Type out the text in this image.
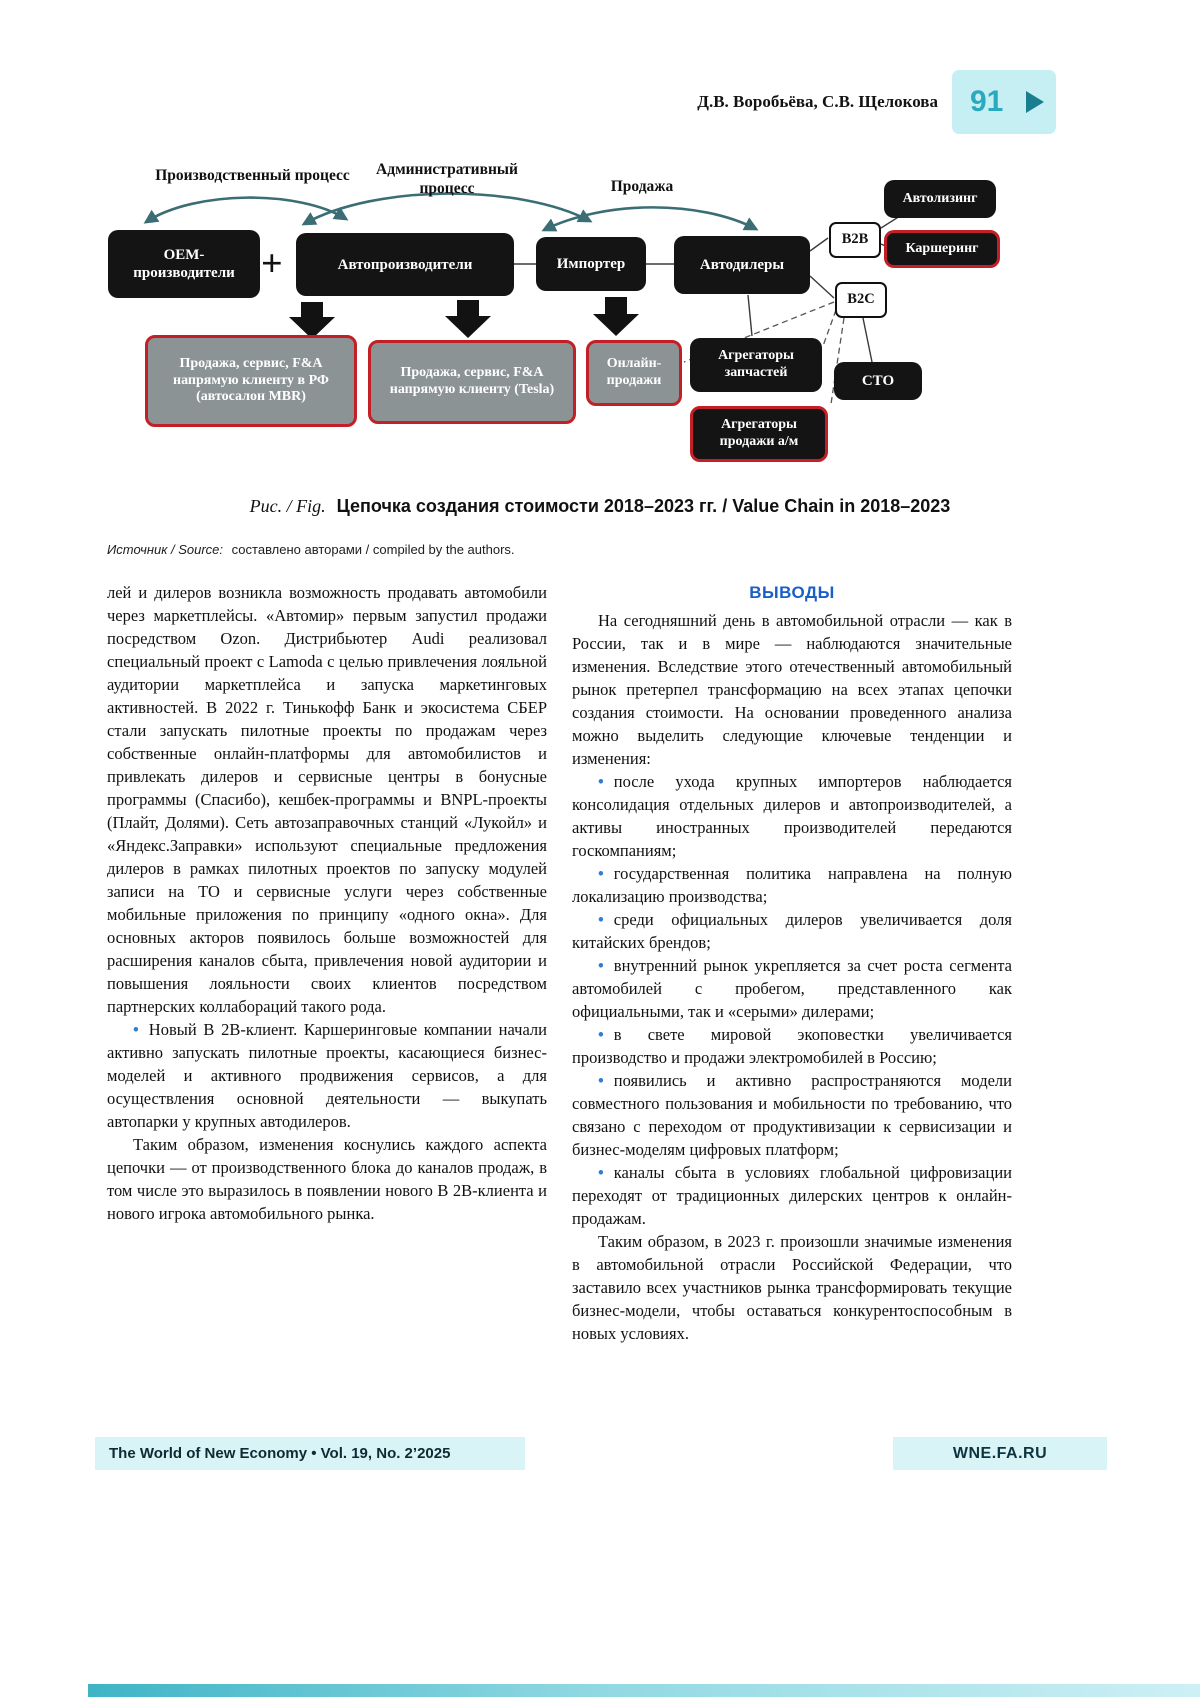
Д.В. Воробьёва, С.В. Щелокова 91
Производственный процесс	Административный процесс	Продажа
ОЕМ-производители +	Автопроизводители	Импортер	Автодилеры
B2B
Автолизинг
Каршеринг
B2C
Продажа, сервис, F&A напрямую клиенту в РФ (автосалон MBR)
Продажа, сервис, F&A напрямую клиенту (Tesla)
Онлайн-продажи
Агрегаторы запчастей
СТО
Агрегаторы продажи а/м
Рис. / Fig. Цепочка создания стоимости 2018–2023 гг. / Value Chain in 2018–2023
Источник / Source: составлено авторами / compiled by the authors.

лей и дилеров возникла возможность продавать автомобили через маркетплейсы. «Автомир» первым запустил продажи посредством Ozon. Дистрибьютер Audi реализовал специальный проект с Lamoda с целью привлечения лояльной аудитории маркетплейса и запуска маркетинговых активностей. В 2022 г. Тинькофф Банк и экосистема СБЕР стали запускать пилотные проекты по продажам через собственные онлайн-платформы для автомобилистов и привлекать дилеров и сервисные центры в бонусные программы (Спасибо), кешбек-программы и BNPL-проекты (Плайт, Долями). Сеть автозаправочных станций «Лукойл» и «Яндекс.Заправки» используют специальные предложения дилеров в рамках пилотных проектов по запуску модулей записи на ТО и сервисные услуги через собственные мобильные приложения по принципу «одного окна». Для основных акторов появилось больше возможностей для расширения каналов сбыта, привлечения новой аудитории и повышения лояльности своих клиентов посредством партнерских коллабораций такого рода.

• Новый B 2B-клиент. Каршеринговые компании начали активно запускать пилотные проекты, касающиеся бизнес-моделей и активного продвижения сервисов, а для осуществления основной деятельности — выкупать автопарки у крупных автодилеров.

Таким образом, изменения коснулись каждого аспекта цепочки — от производственного блока до каналов продаж, в том числе это выразилось в появлении нового B 2B-клиента и нового игрока автомобильного рынка.

ВЫВОДЫ

На сегодняшний день в автомобильной отрасли — как в России, так и в мире — наблюдаются значительные изменения. Вследствие этого отечественный автомобильный рынок претерпел трансформацию на всех этапах цепочки создания стоимости. На основании проведенного анализа можно выделить следующие ключевые тенденции и изменения:

• после ухода крупных импортеров наблюдается консолидация отдельных дилеров и автопроизводителей, а активы иностранных производителей передаются госкомпаниям;

• государственная политика направлена на полную локализацию производства;

• среди официальных дилеров увеличивается доля китайских брендов;

• внутренний рынок укрепляется за счет роста сегмента автомобилей с пробегом, представленного как официальными, так и «серыми» дилерами;

• в свете мировой экоповестки увеличивается производство и продажи электромобилей в Россию;

• появились и активно распространяются модели совместного пользования и мобильности по требованию, что связано с переходом от продуктивизации к сервисизации и бизнес-моделям цифровых платформ;

• каналы сбыта в условиях глобальной цифровизации переходят от традиционных дилерских центров к онлайн-продажам.

Таким образом, в 2023 г. произошли значимые изменения в автомобильной отрасли Российской Федерации, что заставило всех участников рынка трансформировать текущие бизнес-модели, чтобы оставаться конкурентоспособным в новых условиях.

The World of New Economy • Vol. 19, No. 2’2025	WNE.FA.RU
